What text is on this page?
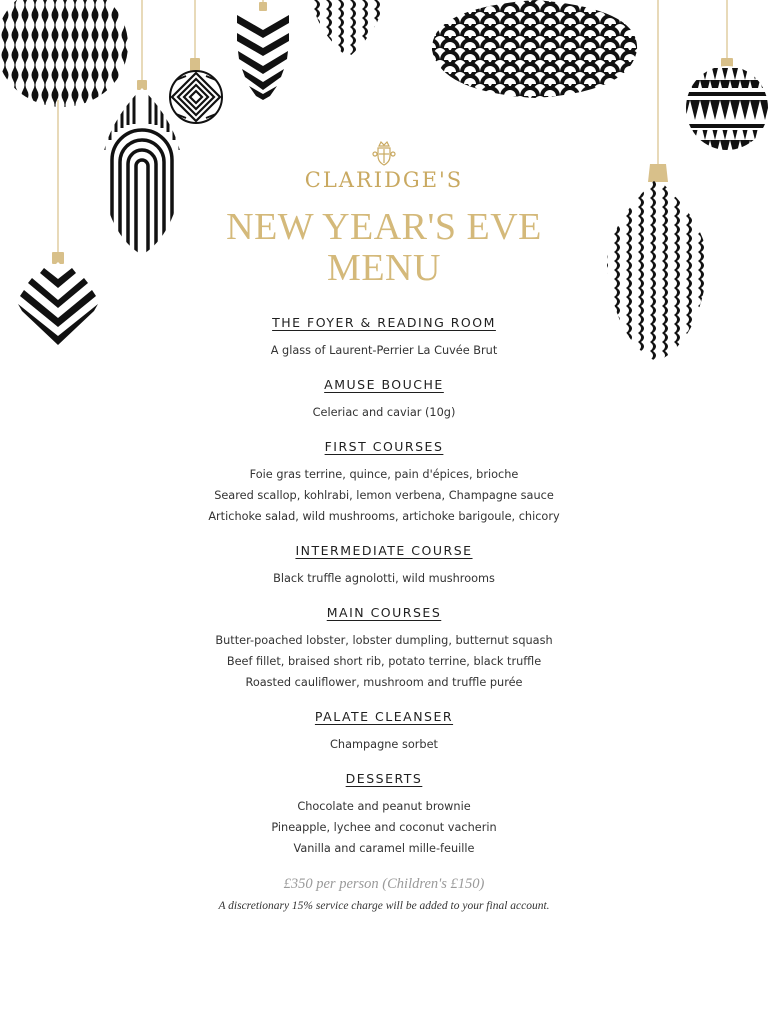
CLARIDGE'S
NEW YEAR'S EVE
MENU
THE FOYER & READING ROOM
A glass of Laurent-Perrier La Cuvée Brut
AMUSE BOUCHE
Celeriac and caviar (10g)
FIRST COURSES
Foie gras terrine, quince, pain d'épices, brioche
Seared scallop, kohlrabi, lemon verbena, Champagne sauce
Artichoke salad, wild mushrooms, artichoke barigoule, chicory
INTERMEDIATE COURSE
Black truffle agnolotti, wild mushrooms
MAIN COURSES
Butter-poached lobster, lobster dumpling, butternut squash
Beef fillet, braised short rib, potato terrine, black truffle
Roasted cauliflower, mushroom and truffle purée
PALATE CLEANSER
Champagne sorbet
DESSERTS
Chocolate and peanut brownie
Pineapple, lychee and coconut vacherin
Vanilla and caramel mille-feuille
£350 per person (Children's £150)
A discretionary 15% service charge will be added to your final account.
